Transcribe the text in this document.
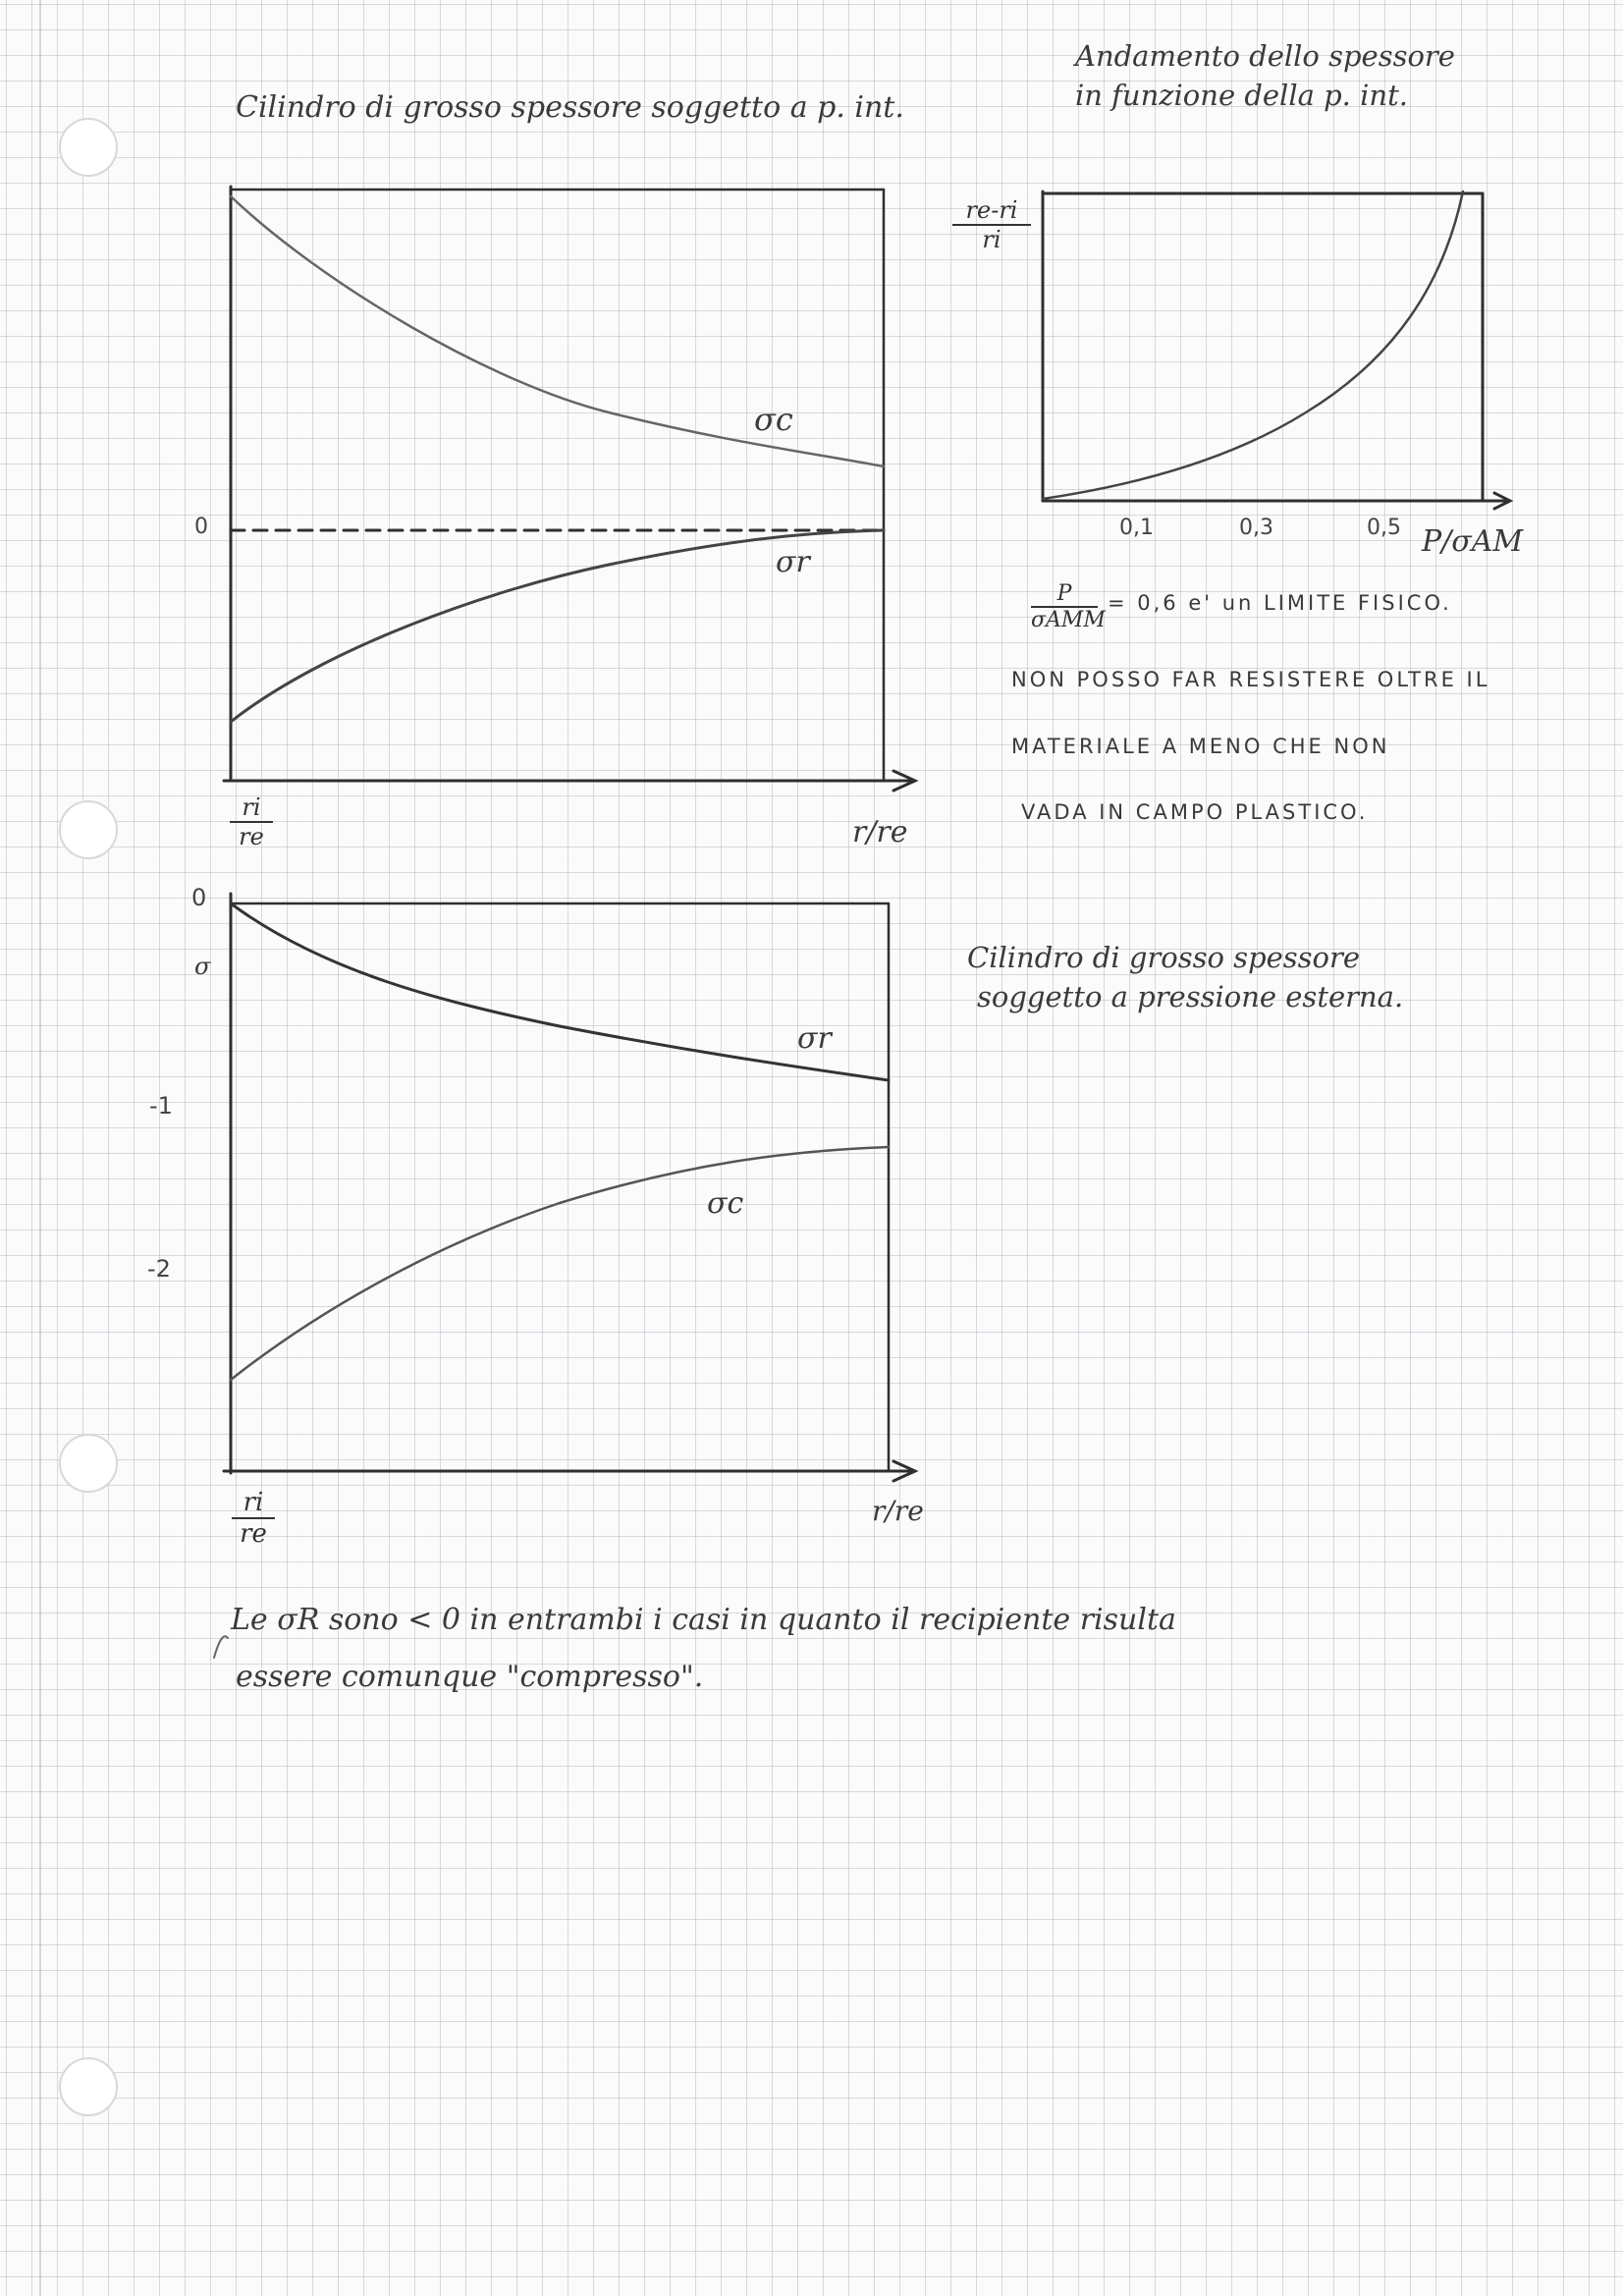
Cilindro di grosso spessore soggetto a p. int.
Andamento dello spessore
in funzione della p. int.
Cilindro di grosso spessore
soggetto a pressione esterna.
0
σc
σr
$\frac{ri}{re}$	r/re
$\frac{re-ri}{ri}$
0,1	0,3	0,5 P/σAM
P
σAMM
= 0,6 e' un LIMITE FISICO.
NON POSSO FAR RESISTERE OLTRE IL
MATERIALE A MENO CHE NON
VADA IN CAMPO PLASTICO.
0
σ
-1
-2
σr
σc
$\frac{ri}{re}$	r/re
Le σR sono < 0 in entrambi i casi in quanto il recipiente risulta
essere comunque "compresso".
